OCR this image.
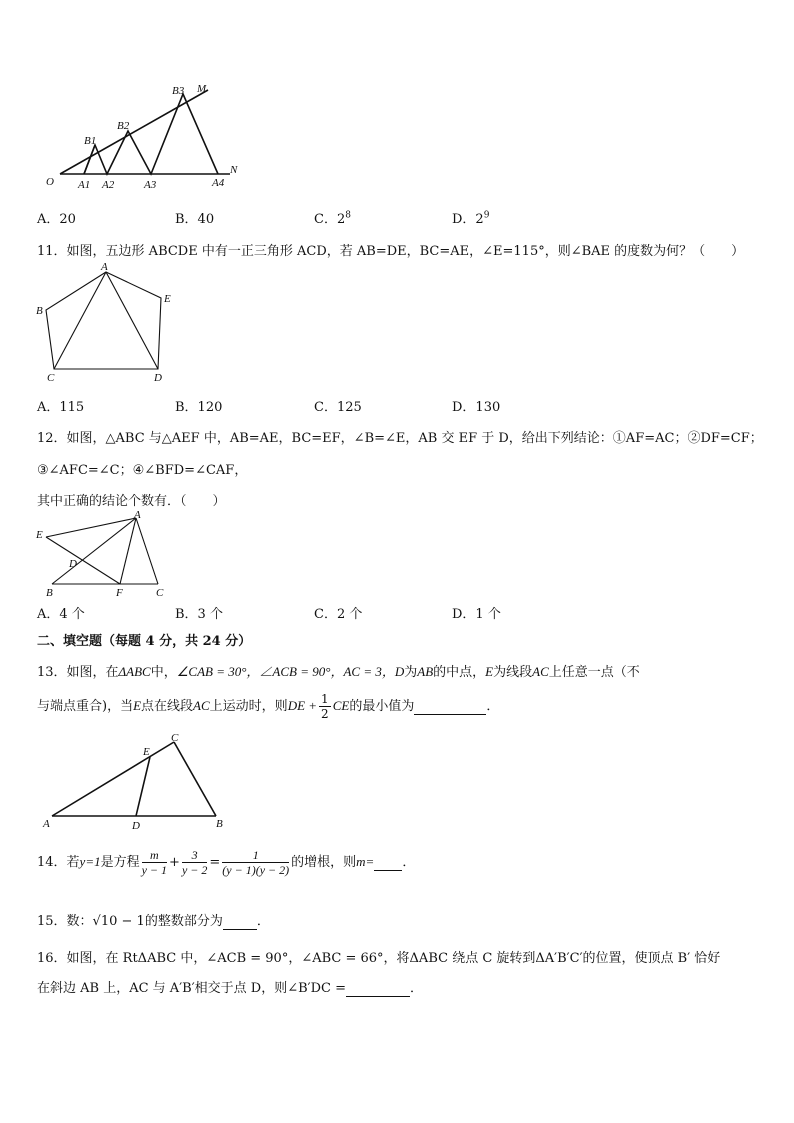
O A1 A2	A3	A4
B1
B2
B3 M
N
A．20	B．40	C．$2^8$	D．$2^9$
11．如图，五边形 ABCDE 中有一正三角形 ACD，若 AB=DE，BC=AE，∠E=115°，则∠BAE 的度数为何？（　　）
A
B
C	D
E
A．115	B．120	C．125	D．130
12．如图，△ABC 与△AEF 中，AB=AE，BC=EF，∠B=∠E，AB 交 EF 于 D，给出下列结论：①AF=AC；②DF=CF；
③∠AFC=∠C；④∠BFD=∠CAF，
其中正确的结论个数有．（　　）
A
E
D
B	F	C
A．4 个	B．3 个	C．2 个	D．1 个
二、填空题（每题 4 分，共 24 分）
13．如图，在ΔABC中，∠CAB = 30°，∠ACB = 90°，AC = 3，D为AB的中点，E为线段AC上任意一点（不
与端点重合)，当E点在线段AC上运动时，则DE + $\frac{1}{2}$ CE的最小值为	．
A	D	B
E
C
14．若y=1是方程 $\frac{m}{y - 1} + \frac{3}{y - 2} = \frac{1}{(y - 1)(y - 2)}$ 的增根，则m= ．
15．数：√10 − 1的整数部分为	．
16．如图，在 RtΔABC 中，∠ACB = 90°，∠ABC = 66°，将ΔABC 绕点 C 旋转到ΔA′B′C′的位置，使顶点 B′ 恰好
在斜边 AB 上，AC 与 A′B′相交于点 D，则∠B′DC =	．
